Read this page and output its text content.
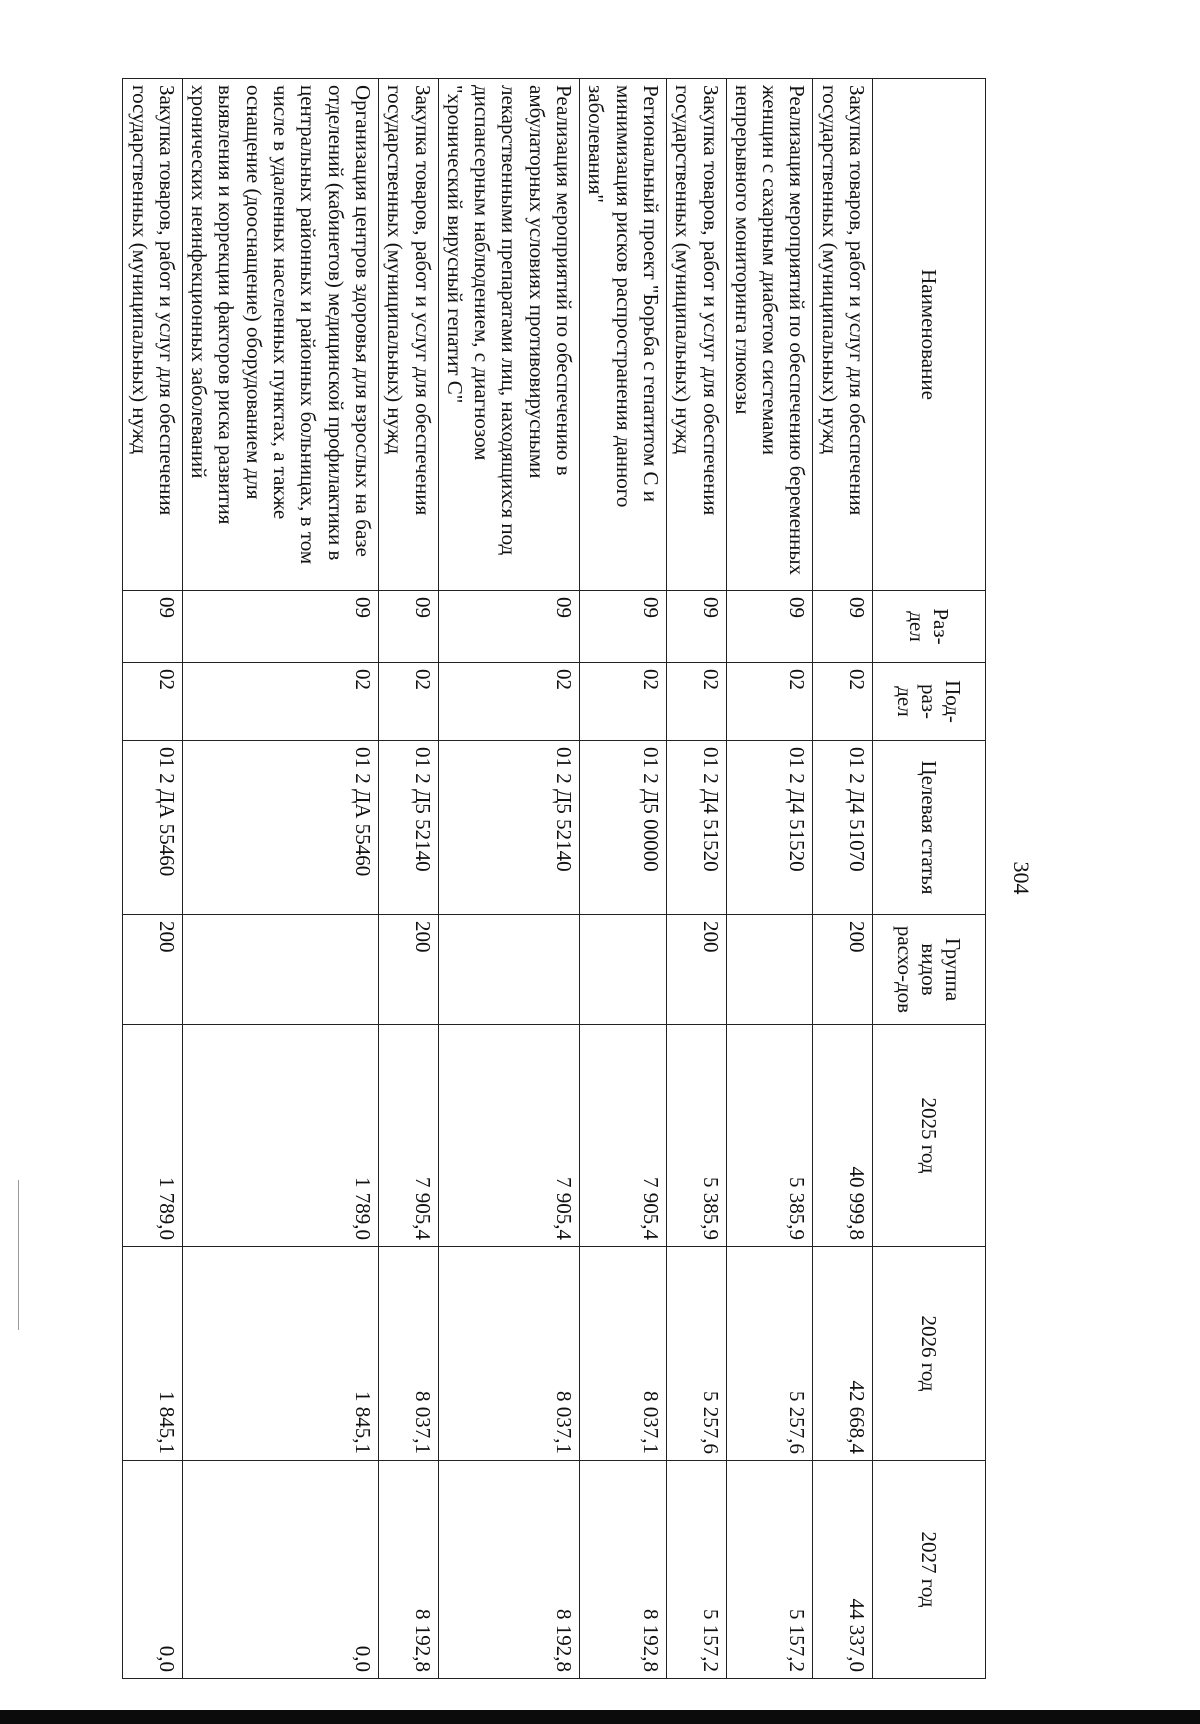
304
Наименование	Раз-дел	Под-раз-дел	Целевая статья	Группа видов расхо-дов	2025 год	2026 год	2027 год
Закупка товаров, работ и услуг для обеспечения государственных (муниципальных) нужд	09	02	01 2 Д4 51070	200	40 999,8	42 668,4	44 337,0
Реализация мероприятий по обеспечению беременных женщин с сахарным диабетом системами непрерывного мониторинга глюкозы	09	02	01 2 Д4 51520		5 385,9	5 257,6	5 157,2
Закупка товаров, работ и услуг для обеспечения государственных (муниципальных) нужд	09	02	01 2 Д4 51520	200	5 385,9	5 257,6	5 157,2
Региональный проект "Борьба с гепатитом С и минимизация рисков распространения данного заболевания"	09	02	01 2 Д5 00000		7 905,4	8 037,1	8 192,8
Реализация мероприятий по обеспечению в амбулаторных условиях противовирусными лекарственными препаратами лиц, находящихся под диспансерным наблюдением, с диагнозом "хронический вирусный гепатит С"	09	02	01 2 Д5 52140		7 905,4	8 037,1	8 192,8
Закупка товаров, работ и услуг для обеспечения государственных (муниципальных) нужд	09	02	01 2 Д5 52140	200	7 905,4	8 037,1	8 192,8
Организация центров здоровья для взрослых на базе отделений (кабинетов) медицинской профилактики в центральных районных и районных больницах, в том числе в удаленных населенных пунктах, а также оснащение (дооснащение) оборудованием для выявления и коррекции факторов риска развития хронических неинфекционных заболеваний	09	02	01 2 ДА 55460		1 789,0	1 845,1	0,0
Закупка товаров, работ и услуг для обеспечения государственных (муниципальных) нужд	09	02	01 2 ДА 55460	200	1 789,0	1 845,1	0,0
